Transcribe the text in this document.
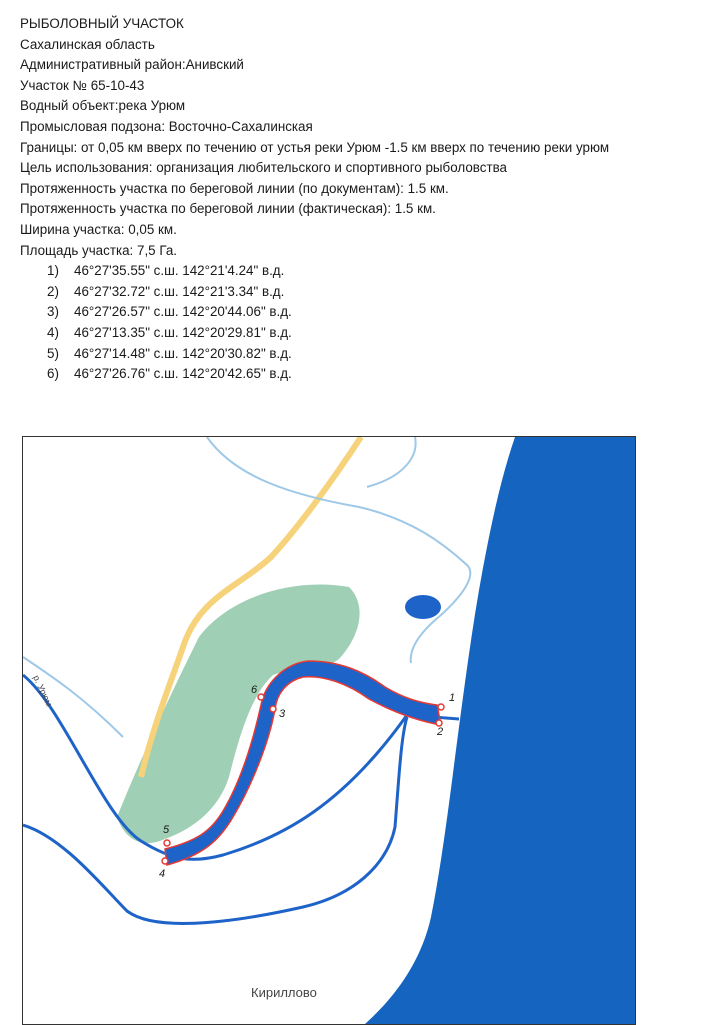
РЫБОЛОВНЫЙ УЧАСТОК
Сахалинская область
Административный район:Анивский
Участок № 65-10-43
Водный объект:река Урюм
Промысловая подзона: Восточно-Сахалинская
Границы: от 0,05 км вверх по течению от устья реки Урюм -1.5 км вверх по течению реки урюм
Цель использования: организация любительского и спортивного рыболовства
Протяженность участка по береговой линии (по документам): 1.5 км.
Протяженность участка по береговой линии (фактическая): 1.5 км.
Ширина участка: 0,05 км.
Площадь участка: 7,5 Га.
1) 46°27'35.55" с.ш. 142°21'4.24" в.д.
2) 46°27'32.72" с.ш. 142°21'3.34" в.д.
3) 46°27'26.57" с.ш. 142°20'44.06" в.д.
4) 46°27'13.35" с.ш. 142°20'29.81" в.д.
5) 46°27'14.48" с.ш. 142°20'30.82" в.д.
6) 46°27'26.76" с.ш. 142°20'42.65" в.д.
1
2
3
4
5
6
р. Урюм
Кириллово
